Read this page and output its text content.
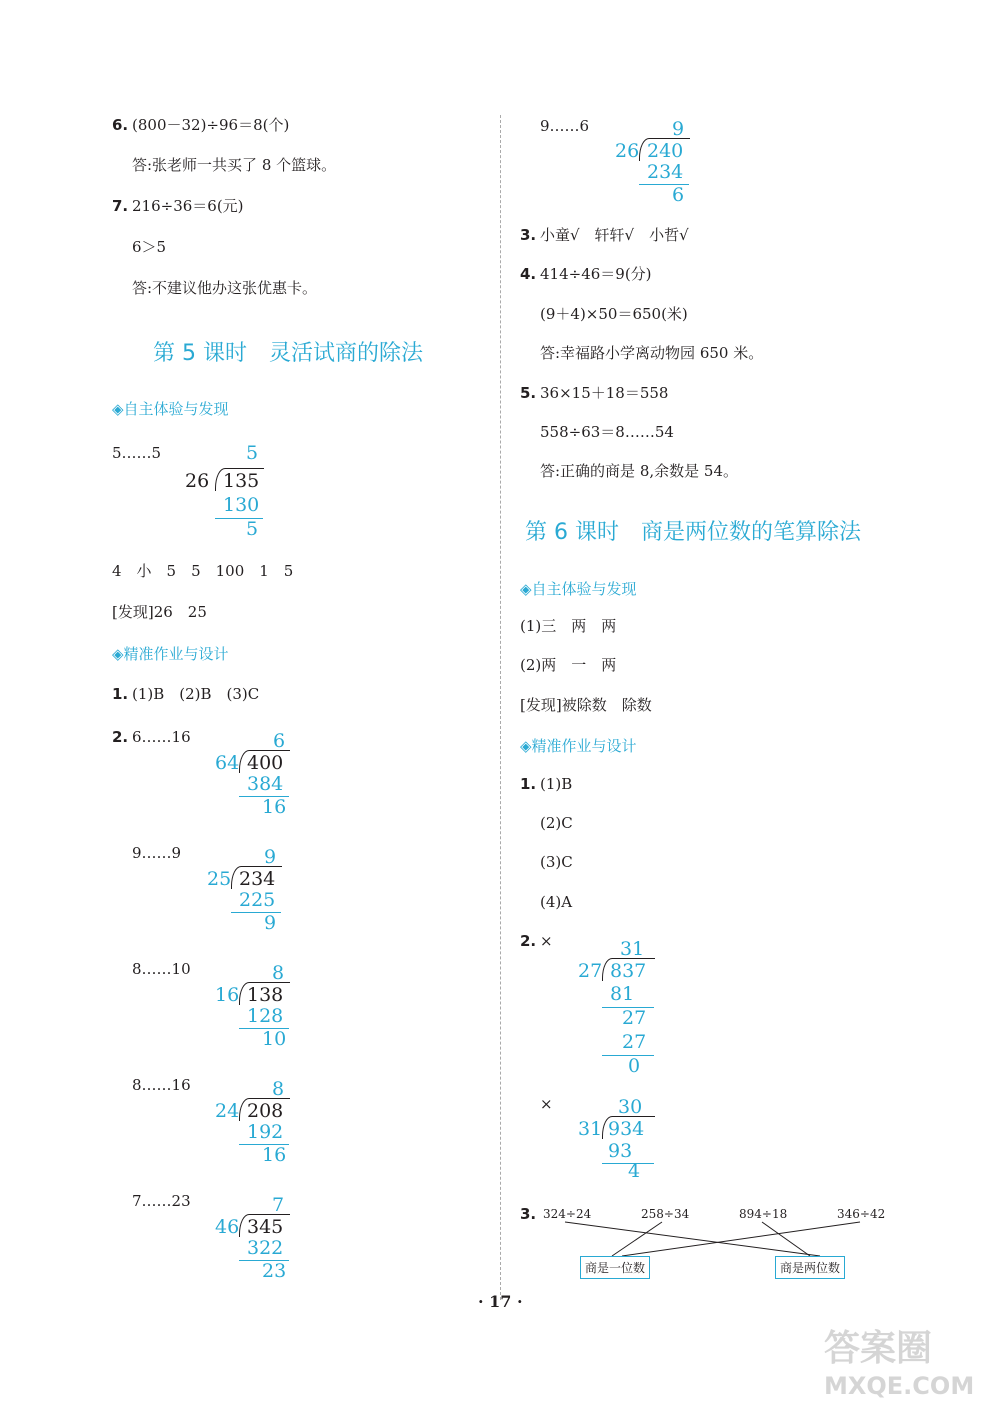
6. (800－32)÷96＝8(个)
答:张老师一共买了 8 个篮球。
7. 216÷36＝6(元)
6＞5
答:不建议他办这张优惠卡。
第 5 课时　灵活试商的除法
◈自主体验与发现
5……5	5
26 135
130
5
4　小　5　5　100　1　5
[发现]26　25
◈精准作业与设计
1. (1)B　(2)B　(3)C
2. 6……16	6
64 400
384
16
9……9	9
25 234
225
9
8……10	8
16 138
128
10
8……16	8
24 208
192
16
7……23	7
46 345
322
23
9……6	9
26 240
234
6
3. 小童√　轩轩√　小哲√
4. 414÷46＝9(分)
(9＋4)×50＝650(米)
答:幸福路小学离动物园 650 米。
5. 36×15＋18＝558
558÷63＝8……54
答:正确的商是 8,余数是 54。
第 6 课时　商是两位数的笔算除法
◈自主体验与发现
(1)三　两　两
(2)两　一　两
[发现]被除数　除数
◈精准作业与设计
1. (1)B
(2)C
(3)C
(4)A
2. ×	31
27 837
81
27
27
0
×	30
31 934
93
4
3. 324÷24	258÷34	894÷18	346÷42
商是一位数	商是两位数
· 17 ·
答案圈
MXQE.COM
